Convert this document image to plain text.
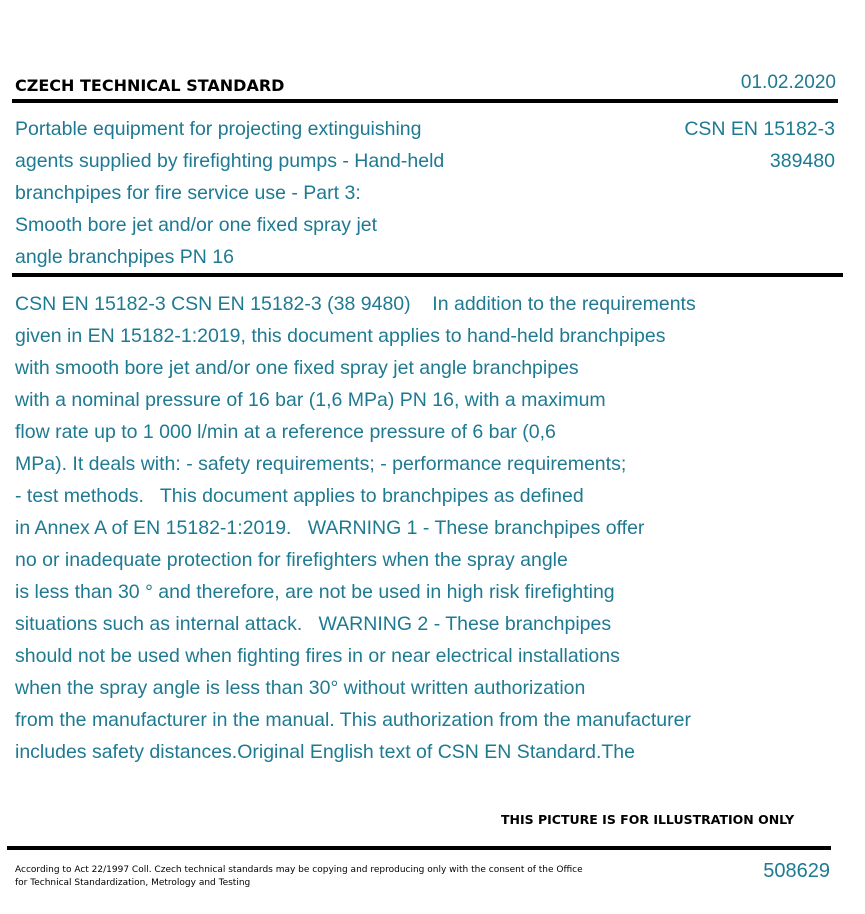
CZECH TECHNICAL STANDARD	01.02.2020
Portable equipment for projecting extinguishing
agents supplied by firefighting pumps - Hand-held
branchpipes for fire service use - Part 3:
Smooth bore jet and/or one fixed spray jet
angle branchpipes PN 16
CSN EN 15182-3
389480
CSN EN 15182-3 CSN EN 15182-3 (38 9480)    In addition to the requirements
given in EN 15182-1:2019, this document applies to hand-held branchpipes
with smooth bore jet and/or one fixed spray jet angle branchpipes
with a nominal pressure of 16 bar (1,6 MPa) PN 16, with a maximum
flow rate up to 1 000 l/min at a reference pressure of 6 bar (0,6
MPa). It deals with: - safety requirements; - performance requirements;
- test methods.   This document applies to branchpipes as defined
in Annex A of EN 15182-1:2019.   WARNING 1 - These branchpipes offer
no or inadequate protection for firefighters when the spray angle
is less than 30 ° and therefore, are not be used in high risk firefighting
situations such as internal attack.   WARNING 2 - These branchpipes
should not be used when fighting fires in or near electrical installations
when the spray angle is less than 30° without written authorization
from the manufacturer in the manual. This authorization from the manufacturer
includes safety distances.Original English text of CSN EN Standard.The
THIS PICTURE IS FOR ILLUSTRATION ONLY
According to Act 22/1997 Coll. Czech technical standards may be copying and reproducing only with the consent of the Office
for Technical Standardization, Metrology and Testing
508629
